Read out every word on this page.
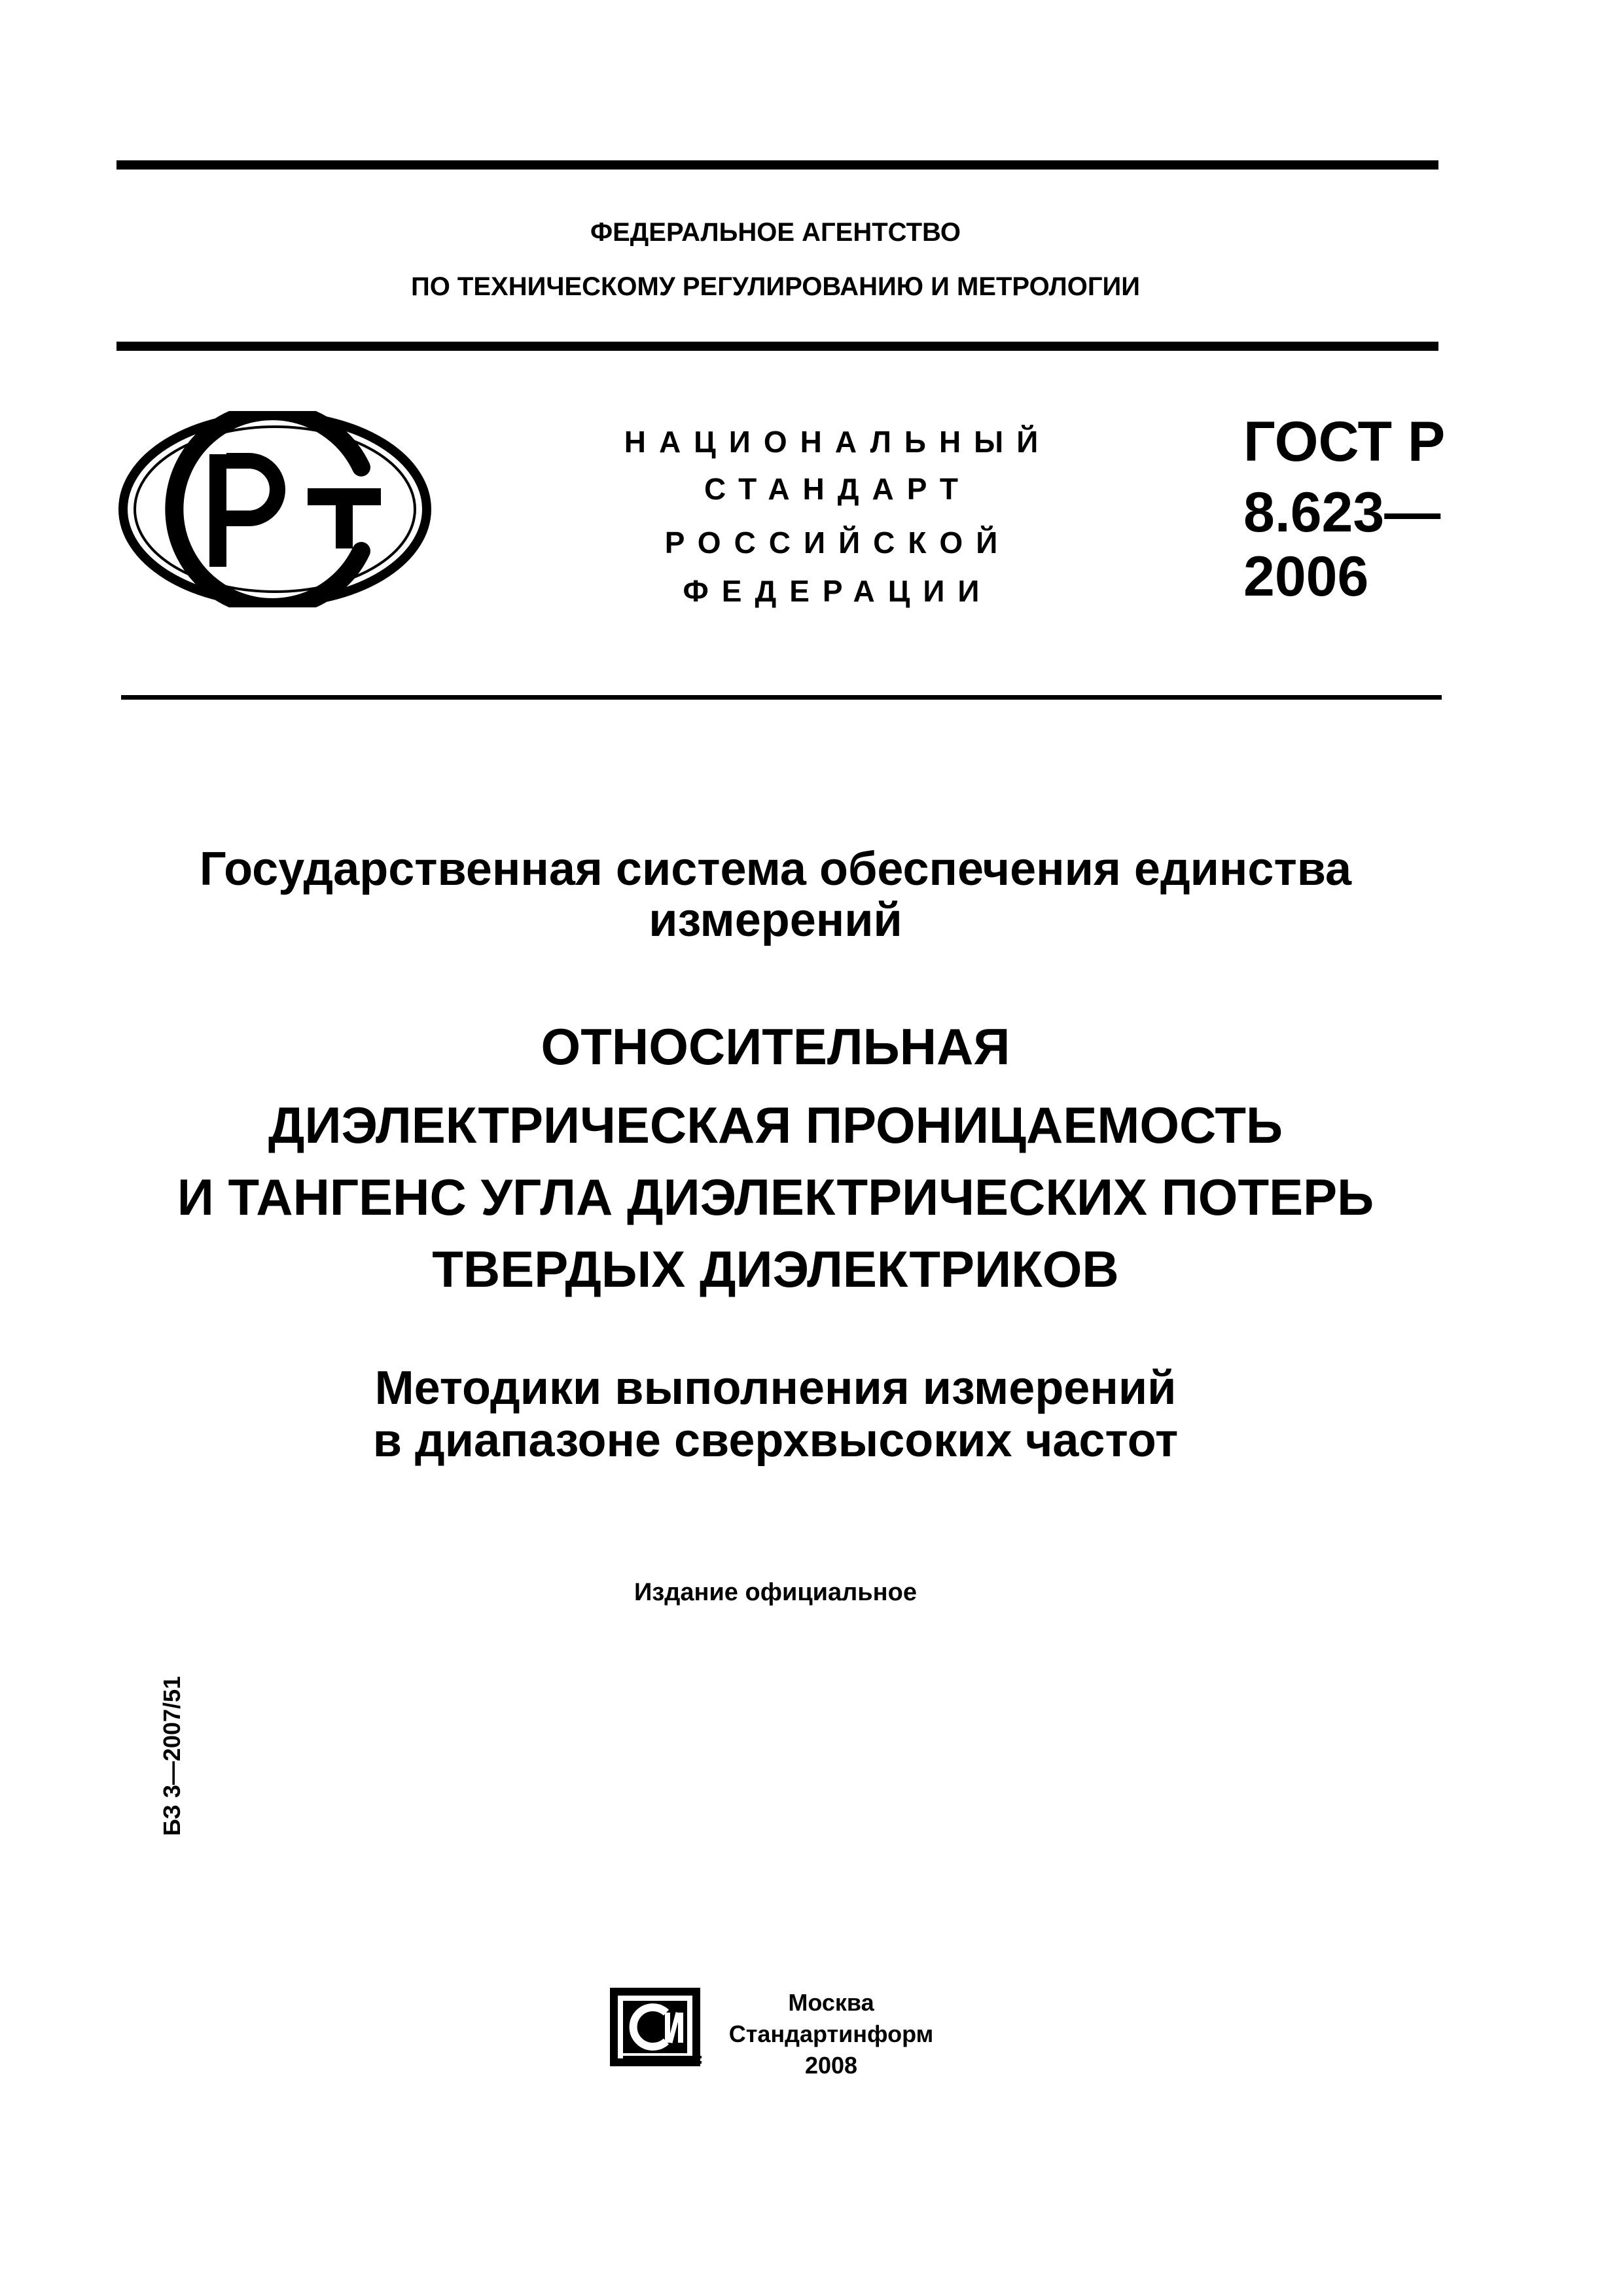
ФЕДЕРАЛЬНОЕ АГЕНТСТВО
ПО ТЕХНИЧЕСКОМУ РЕГУЛИРОВАНИЮ И МЕТРОЛОГИИ
НАЦИОНАЛЬНЫЙ
СТАНДАРТ
РОССИЙСКОЙ
ФЕДЕРАЦИИ
ГОСТ Р
8.623—
2006
Государственная система обеспечения единства
измерений
ОТНОСИТЕЛЬНАЯ
ДИЭЛЕКТРИЧЕСКАЯ ПРОНИЦАЕМОСТЬ
И ТАНГЕНС УГЛА ДИЭЛЕКТРИЧЕСКИХ ПОТЕРЬ
ТВЕРДЫХ ДИЭЛЕКТРИКОВ
Методики выполнения измерений
в диапазоне сверхвысоких частот
Издание официальное
БЗ 3—2007/51
Москва
Стандартинформ
2008
